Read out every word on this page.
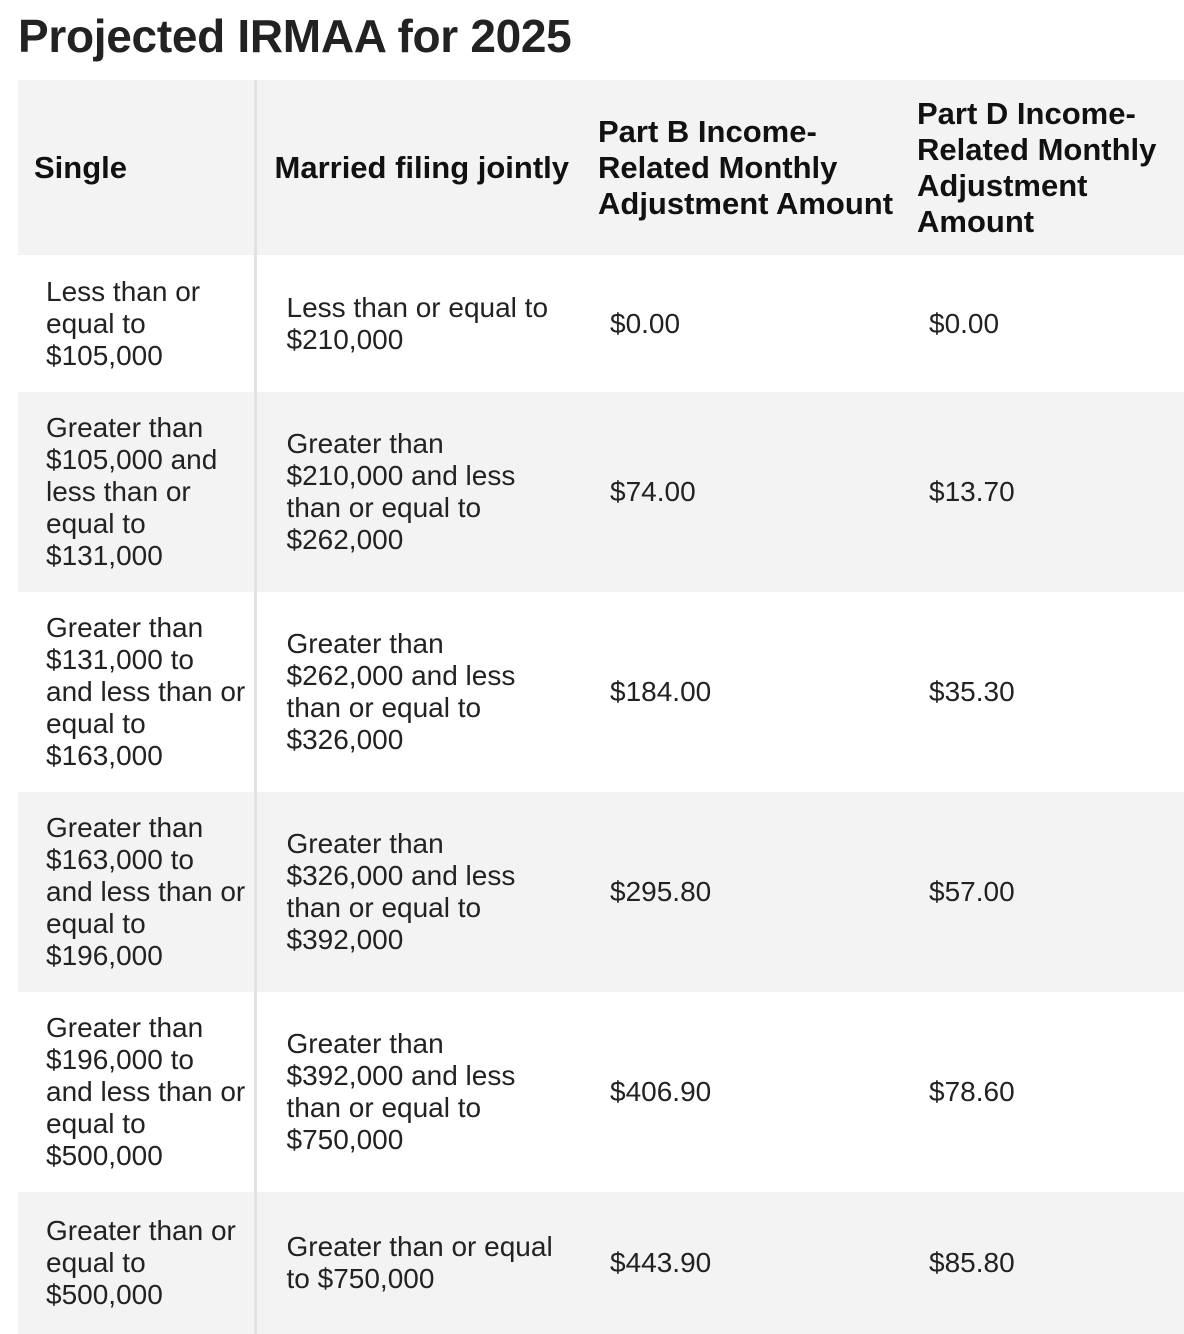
Projected IRMAA for 2025
Single	Married filing jointly	Part B Income-Related Monthly Adjustment Amount	Part D Income-Related Monthly Adjustment Amount
Less than or equal to $105,000	Less than or equal to $210,000	$0.00	$0.00
Greater than $105,000 and less than or equal to $131,000	Greater than $210,000 and less than or equal to $262,000	$74.00	$13.70
Greater than $131,000 to and less than or equal to $163,000	Greater than $262,000 and less than or equal to $326,000	$184.00	$35.30
Greater than $163,000 to and less than or equal to $196,000	Greater than $326,000 and less than or equal to $392,000	$295.80	$57.00
Greater than $196,000 to and less than or equal to $500,000	Greater than $392,000 and less than or equal to $750,000	$406.90	$78.60
Greater than or equal to $500,000	Greater than or equal to $750,000	$443.90	$85.80
